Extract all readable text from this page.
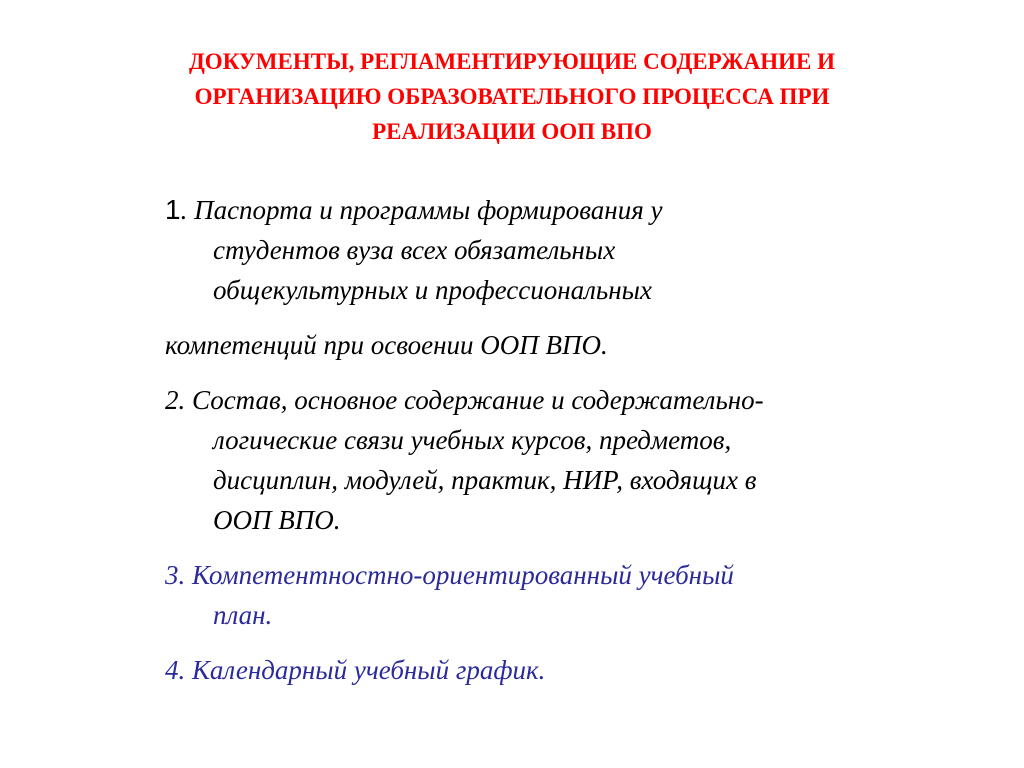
ДОКУМЕНТЫ, РЕГЛАМЕНТИРУЮЩИЕ СОДЕРЖАНИЕ И
ОРГАНИЗАЦИЮ ОБРАЗОВАТЕЛЬНОГО ПРОЦЕССА ПРИ
РЕАЛИЗАЦИИ ООП ВПО
1. Паспорта и программы формирования у
студентов вуза всех обязательных
общекультурных и профессиональных
компетенций при освоении ООП ВПО.
2. Состав, основное содержание и содержательно-
логические связи учебных курсов, предметов,
дисциплин, модулей, практик, НИР, входящих в
ООП ВПО.
3. Компетентностно-ориентированный учебный
план.
4. Календарный учебный график.
